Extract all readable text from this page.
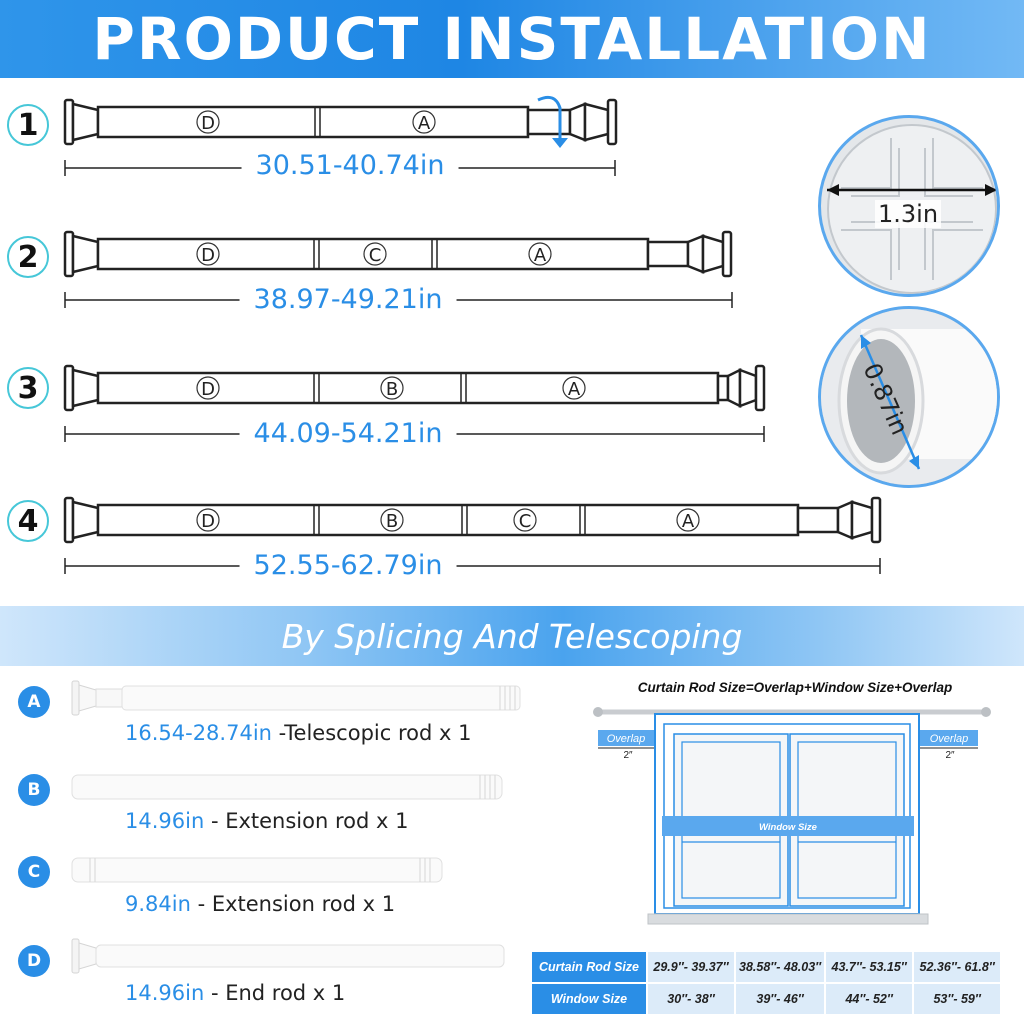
PRODUCT INSTALLATION
1	D	A
30.51-40.74in
2	D	C	A
38.97-49.21in
3	D	B	A
44.09-54.21in
4	D	B	C	A
52.55-62.79in
1.3in
0.87in
By Splicing And Telescoping
A
16.54-28.74in -Telescopic rod x 1
B
14.96in - Extension rod x 1
C
9.84in - Extension rod x 1
D
14.96in - End rod x 1
Curtain Rod Size=Overlap+Window Size+Overlap
Overlap	Overlap
2″	2″
Window Size
Curtain Rod Size	29.9″- 39.37″	38.58″- 48.03″	43.7″- 53.15″	52.36″- 61.8″
Window Size	30″- 38″	39″- 46″	44″- 52″	53″- 59″
